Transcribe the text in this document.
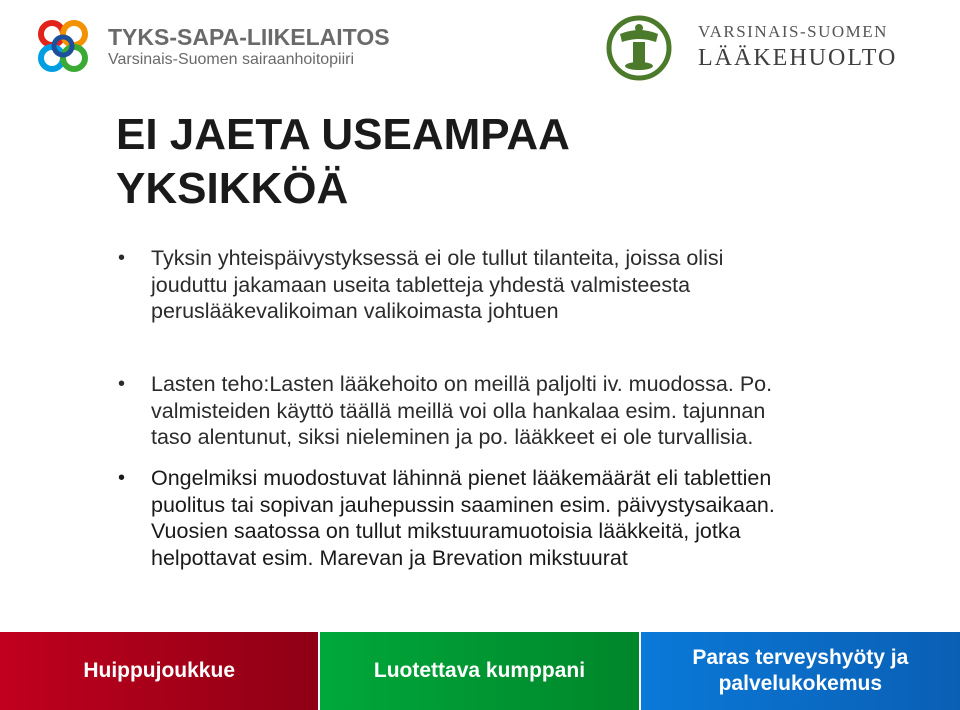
TYKS-SAPA-LIIKELAITOS
Varsinais-Suomen sairaanhoitopiiri
VARSINAIS-SUOMEN
LÄÄKEHUOLTO
EI JAETA USEAMPAA
YKSIKKÖÄ
• Tyksin yhteispäivystyksessä ei ole tullut tilanteita, joissa olisi
jouduttu jakamaan useita tabletteja yhdestä valmisteesta
peruslääkevalikoiman valikoimasta johtuen
• Lasten teho:Lasten lääkehoito on meillä paljolti iv. muodossa. Po.
valmisteiden käyttö täällä meillä voi olla hankalaa esim. tajunnan
taso alentunut, siksi nieleminen ja po. lääkkeet ei ole turvallisia.
• Ongelmiksi muodostuvat lähinnä pienet lääkemäärät eli tablettien
puolitus tai sopivan jauhepussin saaminen esim. päivystysaikaan.
Vuosien saatossa on tullut mikstuuramuotoisia lääkkeitä, jotka
helpottavat esim. Marevan ja Brevation mikstuurat
Huippujoukkue	Luotettava kumppani
Paras terveyshyöty ja
palvelukokemus
